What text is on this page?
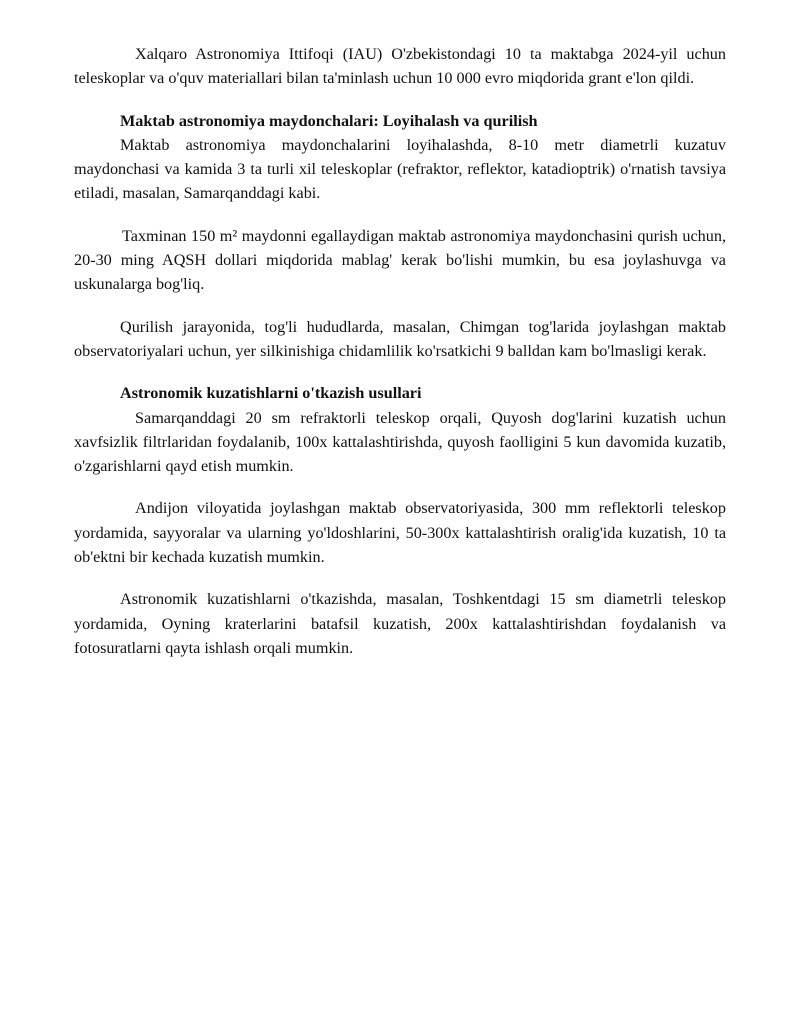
Xalqaro Astronomiya Ittifoqi (IAU) O'zbekistondagi 10 ta maktabga 2024-yil uchun teleskoplar va o'quv materiallari bilan ta'minlash uchun 10 000 evro miqdorida grant e'lon qildi.

Maktab astronomiya maydonchalari: Loyihalash va qurilish

Maktab astronomiya maydonchalarini loyihalashda, 8-10 metr diametrli kuzatuv maydonchasi va kamida 3 ta turli xil teleskoplar (refraktor, reflektor, katadioptrik) o'rnatish tavsiya etiladi, masalan, Samarqanddagi kabi.

Taxminan 150 m² maydonni egallaydigan maktab astronomiya maydonchasini qurish uchun, 20-30 ming AQSH dollari miqdorida mablag' kerak bo'lishi mumkin, bu esa joylashuvga va uskunalarga bog'liq.

Qurilish jarayonida, tog'li hududlarda, masalan, Chimgan tog'larida joylashgan maktab observatoriyalari uchun, yer silkinishiga chidamlilik ko'rsatkichi 9 balldan kam bo'lmasligi kerak.

Astronomik kuzatishlarni o'tkazish usullari

Samarqanddagi 20 sm refraktorli teleskop orqali, Quyosh dog'larini kuzatish uchun xavfsizlik filtrlaridan foydalanib, 100x kattalashtirishda, quyosh faolligini 5 kun davomida kuzatib, o'zgarishlarni qayd etish mumkin.

Andijon viloyatida joylashgan maktab observatoriyasida, 300 mm reflektorli teleskop yordamida, sayyoralar va ularning yo'ldoshlarini, 50-300x kattalashtirish oralig'ida kuzatish, 10 ta ob'ektni bir kechada kuzatish mumkin.

Astronomik kuzatishlarni o'tkazishda, masalan, Toshkentdagi 15 sm diametrli teleskop yordamida, Oyning kraterlarini batafsil kuzatish, 200x kattalashtirishdan foydalanish va fotosuratlarni qayta ishlash orqali mumkin.
